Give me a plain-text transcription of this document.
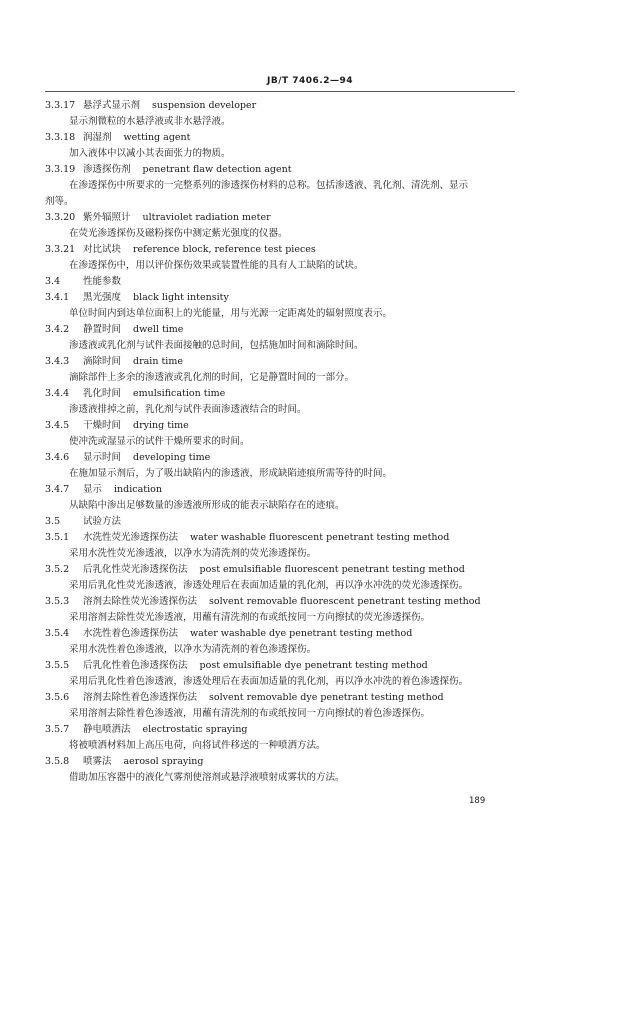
JB/T 7406.2—94
3.3.17 悬浮式显示剂 suspension developer
显示剂微粒的水悬浮液或非水悬浮液。
3.3.18 润湿剂 wetting agent
加入液体中以减小其表面张力的物质。
3.3.19 渗透探伤剂 penetrant flaw detection agent
在渗透探伤中所要求的一完整系列的渗透探伤材料的总称。包括渗透液、乳化剂、清洗剂、显示
剂等。
3.3.20 紫外辐照计 ultraviolet radiation meter
在荧光渗透探伤及磁粉探伤中测定紫光强度的仪器。
3.3.21 对比试块 reference block, reference test pieces
在渗透探伤中，用以评价探伤效果或装置性能的具有人工缺陷的试块。
3.4	性能参数
3.4.1	黑光强度 black light intensity
单位时间内到达单位面积上的光能量，用与光源一定距离处的辐射照度表示。
3.4.2	静置时间 dwell time
渗透液或乳化剂与试件表面接触的总时间，包括施加时间和滴除时间。
3.4.3	滴除时间 drain time
滴除部件上多余的渗透液或乳化剂的时间，它是静置时间的一部分。
3.4.4	乳化时间 emulsification time
渗透液排掉之前，乳化剂与试件表面渗透液结合的时间。
3.4.5	干燥时间 drying time
使冲洗或湿显示的试件干燥所要求的时间。
3.4.6	显示时间 developing time
在施加显示剂后，为了吸出缺陷内的渗透液，形成缺陷迹痕所需等待的时间。
3.4.7	显示 indication
从缺陷中渗出足够数量的渗透液所形成的能表示缺陷存在的迹痕。
3.5	试验方法
3.5.1	水洗性荧光渗透探伤法 water washable fluorescent penetrant testing method
采用水洗性荧光渗透液，以净水为清洗剂的荧光渗透探伤。
3.5.2	后乳化性荧光渗透探伤法 post emulsifiable fluorescent penetrant testing method
采用后乳化性荧光渗透液，渗透处理后在表面加适量的乳化剂，再以净水冲洗的荧光渗透探伤。
3.5.3	溶剂去除性荧光渗透探伤法 solvent removable fluorescent penetrant testing method
采用溶剂去除性荧光渗透液，用蘸有清洗剂的布或纸按同一方向擦拭的荧光渗透探伤。
3.5.4	水洗性着色渗透探伤法 water washable dye penetrant testing method
采用水洗性着色渗透液，以净水为清洗剂的着色渗透探伤。
3.5.5	后乳化性着色渗透探伤法 post emulsifiable dye penetrant testing method
采用后乳化性着色渗透液，渗透处理后在表面加适量的乳化剂，再以净水冲洗的着色渗透探伤。
3.5.6	溶剂去除性着色渗透探伤法 solvent removable dye penetrant testing method
采用溶剂去除性着色渗透液，用蘸有清洗剂的布或纸按同一方向擦拭的着色渗透探伤。
3.5.7	静电喷洒法 electrostatic spraying
将被喷洒材料加上高压电荷，向将试件移送的一种喷洒方法。
3.5.8	喷雾法 aerosol spraying
借助加压容器中的液化气雾剂使溶剂或悬浮液喷射成雾状的方法。
189
